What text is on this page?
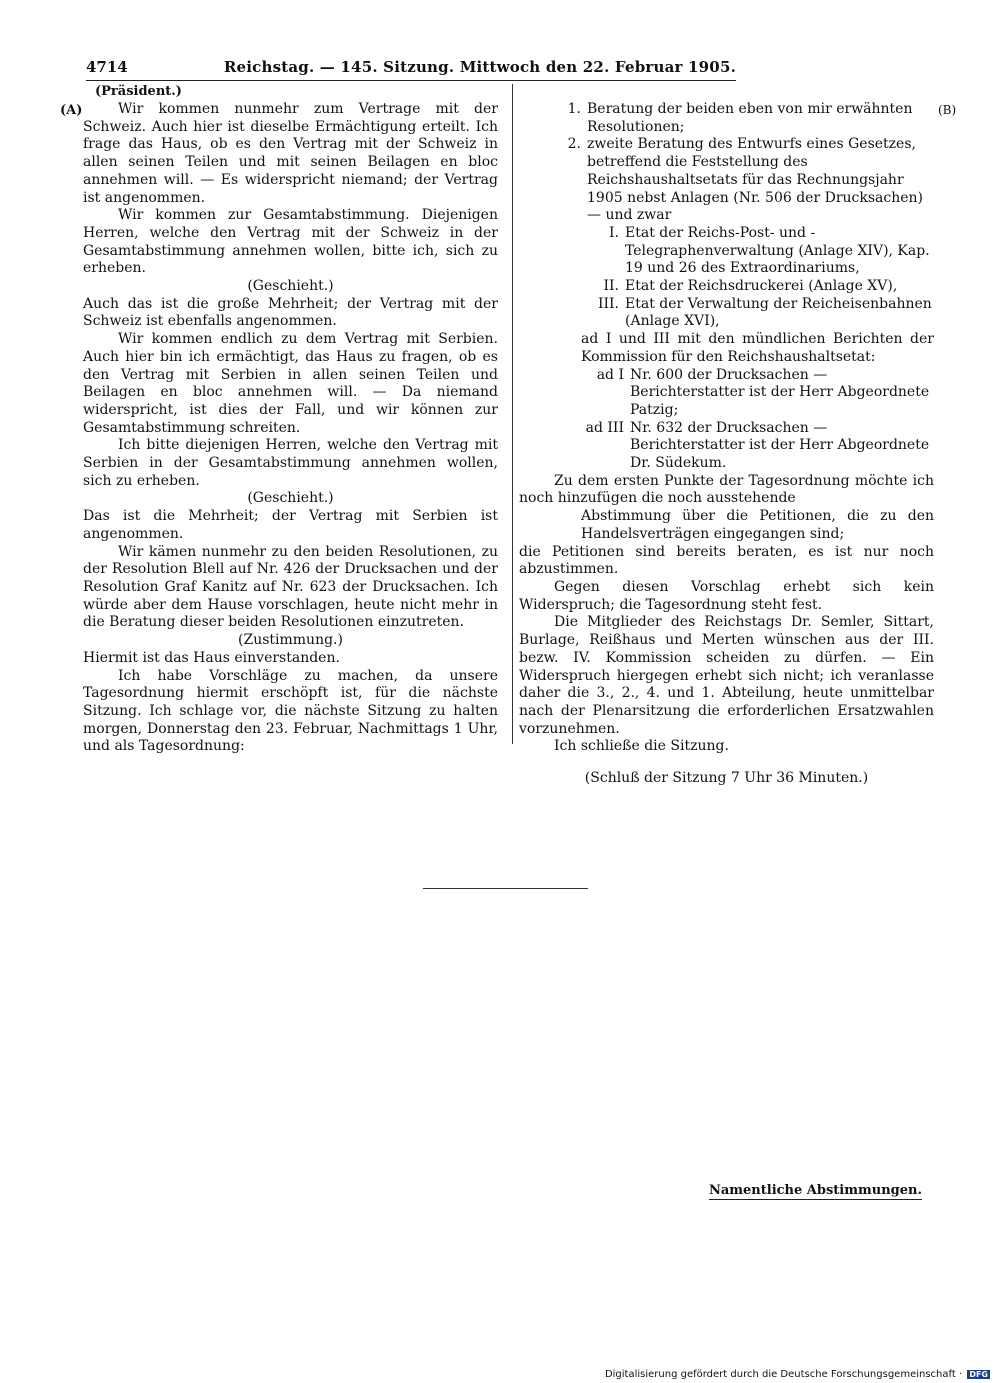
4714	Reichstag. — 145. Sitzung. Mittwoch den 22. Februar 1905.
(Präsident.)
(A)	(B)

Wir kommen nunmehr zum Vertrage mit der Schweiz. Auch hier ist dieselbe Ermächtigung erteilt. Ich frage das Haus, ob es den Vertrag mit der Schweiz in allen seinen Teilen und mit seinen Beilagen en bloc annehmen will. — Es widerspricht niemand; der Vertrag ist angenommen.

Wir kommen zur Gesamtabstimmung. Diejenigen Herren, welche den Vertrag mit der Schweiz in der Gesamtabstimmung annehmen wollen, bitte ich, sich zu erheben.

(Geschieht.)

Auch das ist die große Mehrheit; der Vertrag mit der Schweiz ist ebenfalls angenommen.

Wir kommen endlich zu dem Vertrag mit Serbien. Auch hier bin ich ermächtigt, das Haus zu fragen, ob es den Vertrag mit Serbien in allen seinen Teilen und Beilagen en bloc annehmen will. — Da niemand widerspricht, ist dies der Fall, und wir können zur Gesamtabstimmung schreiten.

Ich bitte diejenigen Herren, welche den Vertrag mit Serbien in der Gesamtabstimmung annehmen wollen, sich zu erheben.

(Geschieht.)

Das ist die Mehrheit; der Vertrag mit Serbien ist angenommen.

Wir kämen nunmehr zu den beiden Resolutionen, zu der Resolution Blell auf Nr. 426 der Drucksachen und der Resolution Graf Kanitz auf Nr. 623 der Drucksachen. Ich würde aber dem Hause vorschlagen, heute nicht mehr in die Beratung dieser beiden Resolutionen einzutreten.

(Zustimmung.)

Hiermit ist das Haus einverstanden.

Ich habe Vorschläge zu machen, da unsere Tagesordnung hiermit erschöpft ist, für die nächste Sitzung. Ich schlage vor, die nächste Sitzung zu halten morgen, Donnerstag den 23. Februar, Nachmittags 1 Uhr, und als Tagesordnung:

1. Beratung der beiden eben von mir erwähnten Resolutionen;
2. zweite Beratung des Entwurfs eines Gesetzes, betreffend die Feststellung des Reichshaushaltsetats für das Rechnungsjahr 1905 nebst Anlagen (Nr. 506 der Drucksachen) — und zwar
I. Etat der Reichs-Post- und -Telegraphenverwaltung (Anlage XIV), Kap. 19 und 26 des Extraordinariums,
II. Etat der Reichsdruckerei (Anlage XV),
III. Etat der Verwaltung der Reicheisenbahnen (Anlage XVI),

ad I und III mit den mündlichen Berichten der Kommission für den Reichshaushaltsetat:

ad I Nr. 600 der Drucksachen — Berichterstatter ist der Herr Abgeordnete Patzig;
ad III Nr. 632 der Drucksachen — Berichterstatter ist der Herr Abgeordnete Dr. Südekum.

Zu dem ersten Punkte der Tagesordnung möchte ich noch hinzufügen die noch ausstehende

Abstimmung über die Petitionen, die zu den Handelsverträgen eingegangen sind;

die Petitionen sind bereits beraten, es ist nur noch abzustimmen.

Gegen diesen Vorschlag erhebt sich kein Widerspruch; die Tagesordnung steht fest.

Die Mitglieder des Reichstags Dr. Semler, Sittart, Burlage, Reißhaus und Merten wünschen aus der III. bezw. IV. Kommission scheiden zu dürfen. — Ein Widerspruch hiergegen erhebt sich nicht; ich veranlasse daher die 3., 2., 4. und 1. Abteilung, heute unmittelbar nach der Plenarsitzung die erforderlichen Ersatzwahlen vorzunehmen.

Ich schließe die Sitzung.

(Schluß der Sitzung 7 Uhr 36 Minuten.)

Namentliche Abstimmungen.
Digitalisierung gefördert durch die Deutsche Forschungsgemeinschaft · DFG
